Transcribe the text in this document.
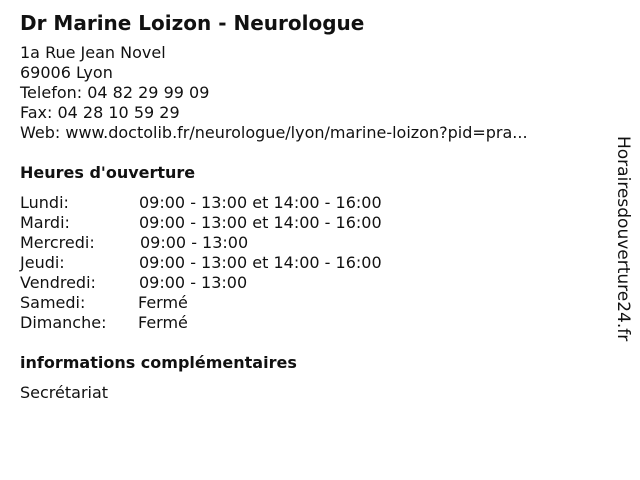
Dr Marine Loizon - Neurologue
1a Rue Jean Novel
69006 Lyon
Telefon: 04 82 29 99 09
Fax: 04 28 10 59 29
Web: www.doctolib.fr/neurologue/lyon/marine-loizon?pid=pra...
Heures d'ouverture
Lundi:	09:00 - 13:00 et 14:00 - 16:00
Mardi:	09:00 - 13:00 et 14:00 - 16:00
Mercredi:	09:00 - 13:00
Jeudi:	09:00 - 13:00 et 14:00 - 16:00
Vendredi:	09:00 - 13:00
Samedi:	Fermé
Dimanche: Fermé
informations complémentaires
Secrétariat
Horairesdouverture24.fr
